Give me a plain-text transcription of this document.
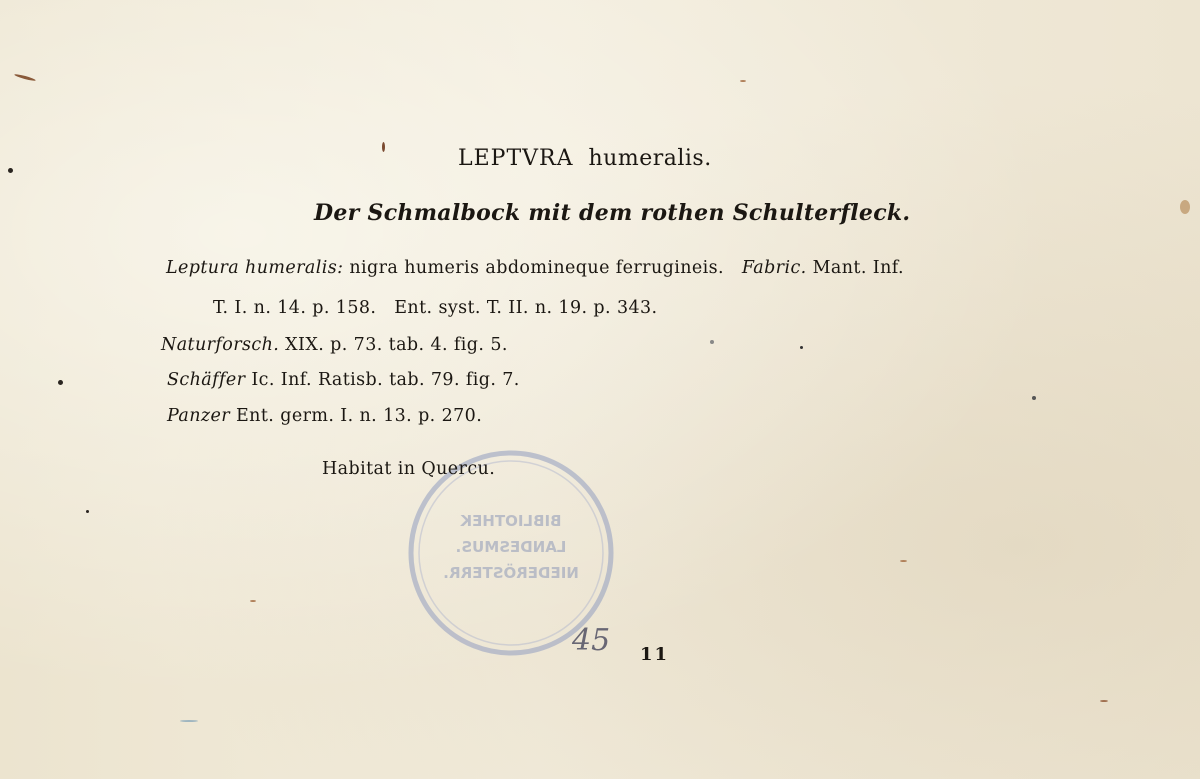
BIBLIOTHEK
LANDESMUS.
NIEDERÖSTERR.
45
LEPTVRA humeralis.
Der Schmalbock mit dem rothen Schulterfleck.
Leptura humeralis: nigra humeris abdomineque ferrugineis. Fabric. Mant. Inf.
T. I. n. 14. p. 158.   Ent. syst. T. II. n. 19. p. 343.
Naturforsch. XIX. p. 73. tab. 4. fig. 5.
Schäffer Ic. Inf. Ratisb. tab. 79. fig. 7.
Panzer Ent. germ. I. n. 13. p. 270.
Habitat in Quercu.
11
